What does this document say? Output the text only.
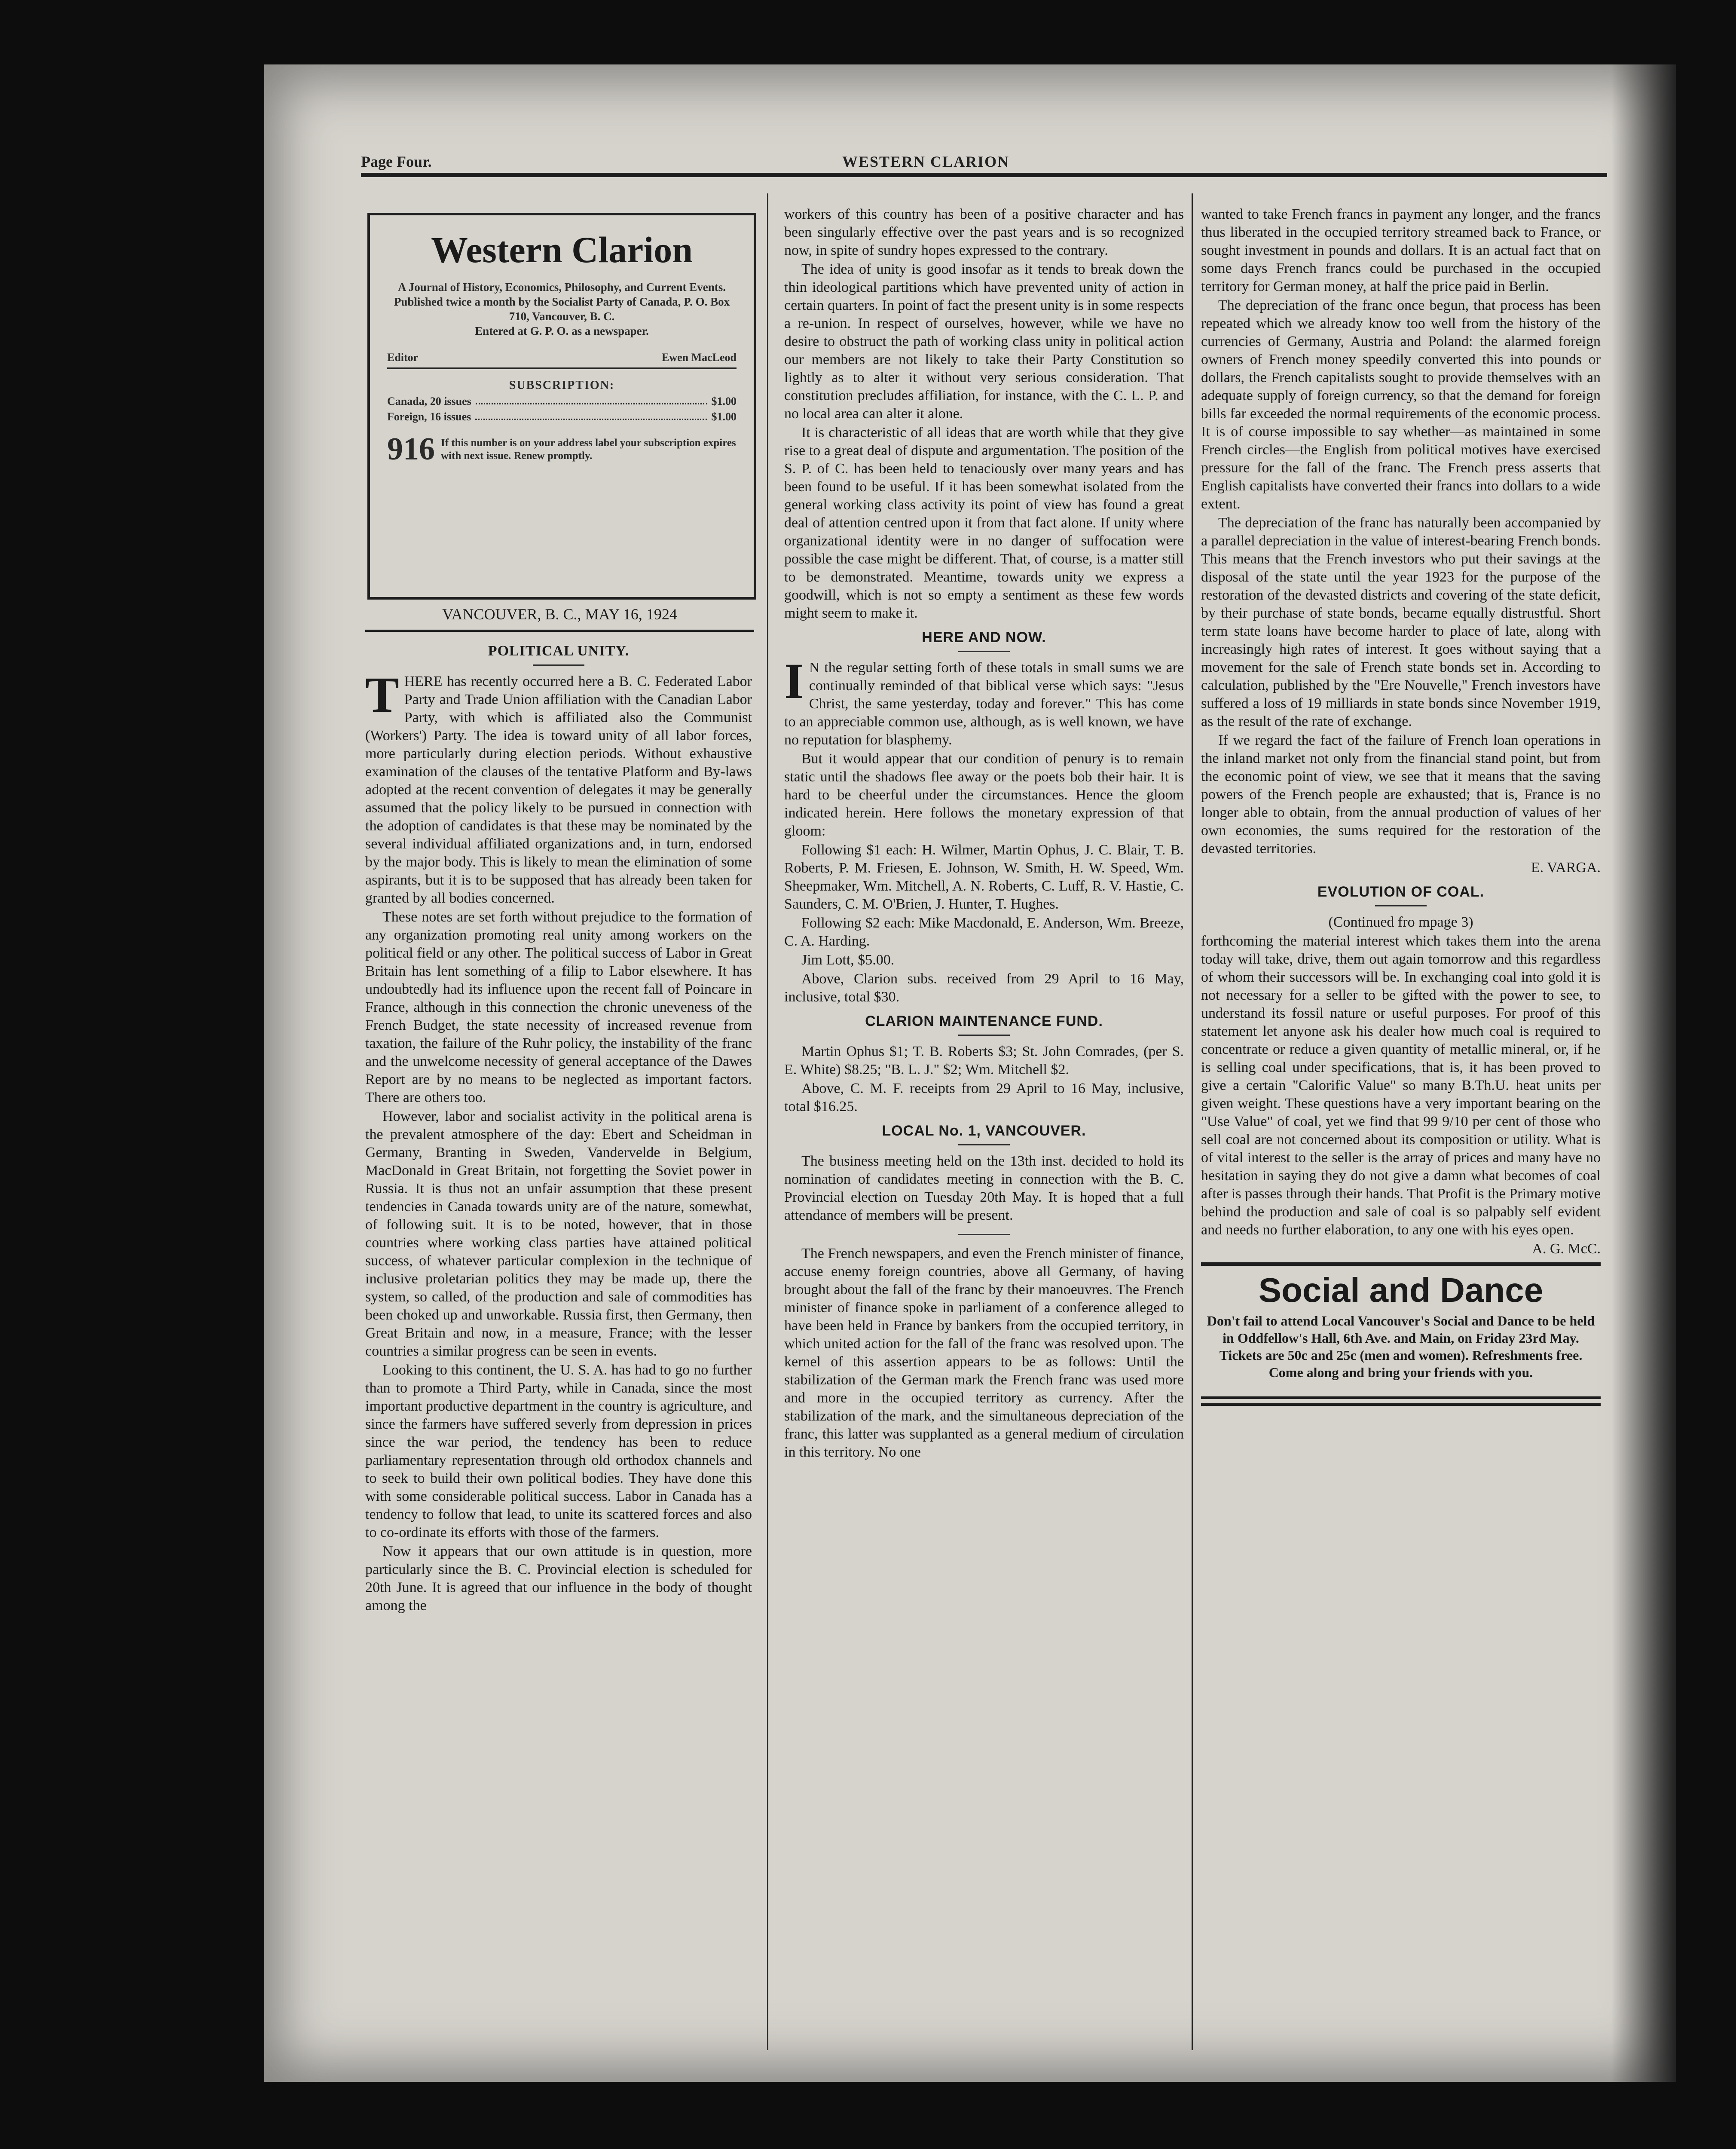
Page Four.	WESTERN CLARION
Western Clarion
A Journal of History, Economics, Philosophy, and Current Events.
Published twice a month by the Socialist Party of Canada, P. O. Box 710, Vancouver, B. C.
Entered at G. P. O. as a newspaper.
Editor	Ewen MacLeod
SUBSCRIPTION:
Canada, 20 issues	$1.00
Foreign, 16 issues	$1.00
916 If this number is on your address label your subscription expires with next issue. Renew promptly.
VANCOUVER, B. C., MAY 16, 1924
POLITICAL UNITY.

THERE has recently occurred here a B. C. Federated Labor Party and Trade Union affiliation with the Canadian Labor Party, with which is affiliated also the Communist (Workers') Party. The idea is toward unity of all labor forces, more particularly during election periods. Without exhaustive examination of the clauses of the tentative Platform and By-laws adopted at the recent convention of delegates it may be generally assumed that the policy likely to be pursued in connection with the adoption of candidates is that these may be nominated by the several individual affiliated organizations and, in turn, endorsed by the major body. This is likely to mean the elimination of some aspirants, but it is to be supposed that has already been taken for granted by all bodies concerned.

These notes are set forth without prejudice to the formation of any organization promoting real unity among workers on the political field or any other. The political success of Labor in Great Britain has lent something of a filip to Labor elsewhere. It has undoubtedly had its influence upon the recent fall of Poincare in France, although in this connection the chronic uneveness of the French Budget, the state necessity of increased revenue from taxation, the failure of the Ruhr policy, the instability of the franc and the unwelcome necessity of general acceptance of the Dawes Report are by no means to be neglected as important factors. There are others too.

However, labor and socialist activity in the political arena is the prevalent atmosphere of the day: Ebert and Scheidman in Germany, Branting in Sweden, Vandervelde in Belgium, MacDonald in Great Britain, not forgetting the Soviet power in Russia. It is thus not an unfair assumption that these present tendencies in Canada towards unity are of the nature, somewhat, of following suit. It is to be noted, however, that in those countries where working class parties have attained political success, of whatever particular complexion in the technique of inclusive proletarian politics they may be made up, there the system, so called, of the production and sale of commodities has been choked up and unworkable. Russia first, then Germany, then Great Britain and now, in a measure, France; with the lesser countries a similar progress can be seen in events.

Looking to this continent, the U. S. A. has had to go no further than to promote a Third Party, while in Canada, since the most important productive department in the country is agriculture, and since the farmers have suffered severly from depression in prices since the war period, the tendency has been to reduce parliamentary representation through old orthodox channels and to seek to build their own political bodies. They have done this with some considerable political success. Labor in Canada has a tendency to follow that lead, to unite its scattered forces and also to co-ordinate its efforts with those of the farmers.

Now it appears that our own attitude is in question, more particularly since the B. C. Provincial election is scheduled for 20th June. It is agreed that our influence in the body of thought among the

workers of this country has been of a positive character and has been singularly effective over the past years and is so recognized now, in spite of sundry hopes expressed to the contrary.

The idea of unity is good insofar as it tends to break down the thin ideological partitions which have prevented unity of action in certain quarters. In point of fact the present unity is in some respects a re-union. In respect of ourselves, however, while we have no desire to obstruct the path of working class unity in political action our members are not likely to take their Party Constitution so lightly as to alter it without very serious consideration. That constitution precludes affiliation, for instance, with the C. L. P. and no local area can alter it alone.

It is characteristic of all ideas that are worth while that they give rise to a great deal of dispute and argumentation. The position of the S. P. of C. has been held to tenaciously over many years and has been found to be useful. If it has been somewhat isolated from the general working class activity its point of view has found a great deal of attention centred upon it from that fact alone. If unity where organizational identity were in no danger of suffocation were possible the case might be different. That, of course, is a matter still to be demonstrated. Meantime, towards unity we express a goodwill, which is not so empty a sentiment as these few words might seem to make it.

HERE AND NOW.

I N the regular setting forth of these totals in small sums we are continually reminded of that biblical verse which says: "Jesus Christ, the same yesterday, today and forever." This has come to an appreciable common use, although, as is well known, we have no reputation for blasphemy.

But it would appear that our condition of penury is to remain static until the shadows flee away or the poets bob their hair. It is hard to be cheerful under the circumstances. Hence the gloom indicated herein. Here follows the monetary expression of that gloom:

Following $1 each: H. Wilmer, Martin Ophus, J. C. Blair, T. B. Roberts, P. M. Friesen, E. Johnson, W. Smith, H. W. Speed, Wm. Sheepmaker, Wm. Mitchell, A. N. Roberts, C. Luff, R. V. Hastie, C. Saunders, C. M. O'Brien, J. Hunter, T. Hughes.

Following $2 each: Mike Macdonald, E. Anderson, Wm. Breeze, C. A. Harding.

Jim Lott, $5.00.

Above, Clarion subs. received from 29 April to 16 May, inclusive, total $30.

CLARION MAINTENANCE FUND.

Martin Ophus $1; T. B. Roberts $3; St. John Comrades, (per S. E. White) $8.25; "B. L. J." $2; Wm. Mitchell $2.

Above, C. M. F. receipts from 29 April to 16 May, inclusive, total $16.25.

LOCAL No. 1, VANCOUVER.

The business meeting held on the 13th inst. decided to hold its nomination of candidates meeting in connection with the B. C. Provincial election on Tuesday 20th May. It is hoped that a full attendance of members will be present.

The French newspapers, and even the French minister of finance, accuse enemy foreign countries, above all Germany, of having brought about the fall of the franc by their manoeuvres. The French minister of finance spoke in parliament of a conference alleged to have been held in France by bankers from the occupied territory, in which united action for the fall of the franc was resolved upon. The kernel of this assertion appears to be as follows: Until the stabilization of the German mark the French franc was used more and more in the occupied territory as currency. After the stabilization of the mark, and the simultaneous depreciation of the franc, this latter was supplanted as a general medium of circulation in this territory. No one

wanted to take French francs in payment any longer, and the francs thus liberated in the occupied territory streamed back to France, or sought investment in pounds and dollars. It is an actual fact that on some days French francs could be purchased in the occupied territory for German money, at half the price paid in Berlin.

The depreciation of the franc once begun, that process has been repeated which we already know too well from the history of the currencies of Germany, Austria and Poland: the alarmed foreign owners of French money speedily converted this into pounds or dollars, the French capitalists sought to provide themselves with an adequate supply of foreign currency, so that the demand for foreign bills far exceeded the normal requirements of the economic process. It is of course impossible to say whether—as maintained in some French circles—the English from political motives have exercised pressure for the fall of the franc. The French press asserts that English capitalists have converted their francs into dollars to a wide extent.

The depreciation of the franc has naturally been accompanied by a parallel depreciation in the value of interest-bearing French bonds. This means that the French investors who put their savings at the disposal of the state until the year 1923 for the purpose of the restoration of the devasted districts and covering of the state deficit, by their purchase of state bonds, became equally distrustful. Short term state loans have become harder to place of late, along with increasingly high rates of interest. It goes without saying that a movement for the sale of French state bonds set in. According to calculation, published by the "Ere Nouvelle," French investors have suffered a loss of 19 milliards in state bonds since November 1919, as the result of the rate of exchange.

If we regard the fact of the failure of French loan operations in the inland market not only from the financial stand point, but from the economic point of view, we see that it means that the saving powers of the French people are exhausted; that is, France is no longer able to obtain, from the annual production of values of her own economies, the sums required for the restoration of the devasted territories.

E. VARGA.

EVOLUTION OF COAL.

(Continued fro mpage 3)

forthcoming the material interest which takes them into the arena today will take, drive, them out again tomorrow and this regardless of whom their successors will be. In exchanging coal into gold it is not necessary for a seller to be gifted with the power to see, to understand its fossil nature or useful purposes. For proof of this statement let anyone ask his dealer how much coal is required to concentrate or reduce a given quantity of metallic mineral, or, if he is selling coal under specifications, that is, it has been proved to give a certain "Calorific Value" so many B.Th.U. heat units per given weight. These questions have a very important bearing on the "Use Value" of coal, yet we find that 99 9/10 per cent of those who sell coal are not concerned about its composition or utility. What is of vital interest to the seller is the array of prices and many have no hesitation in saying they do not give a damn what becomes of coal after is passes through their hands. That Profit is the Primary motive behind the production and sale of coal is so palpably self evident and needs no further elaboration, to any one with his eyes open.

A. G. McC.

Social and Dance
Don't fail to attend Local Vancouver's Social and Dance to be held in Oddfellow's Hall, 6th Ave. and Main, on Friday 23rd May. Tickets are 50c and 25c (men and women). Refreshments free. Come along and bring your friends with you.
